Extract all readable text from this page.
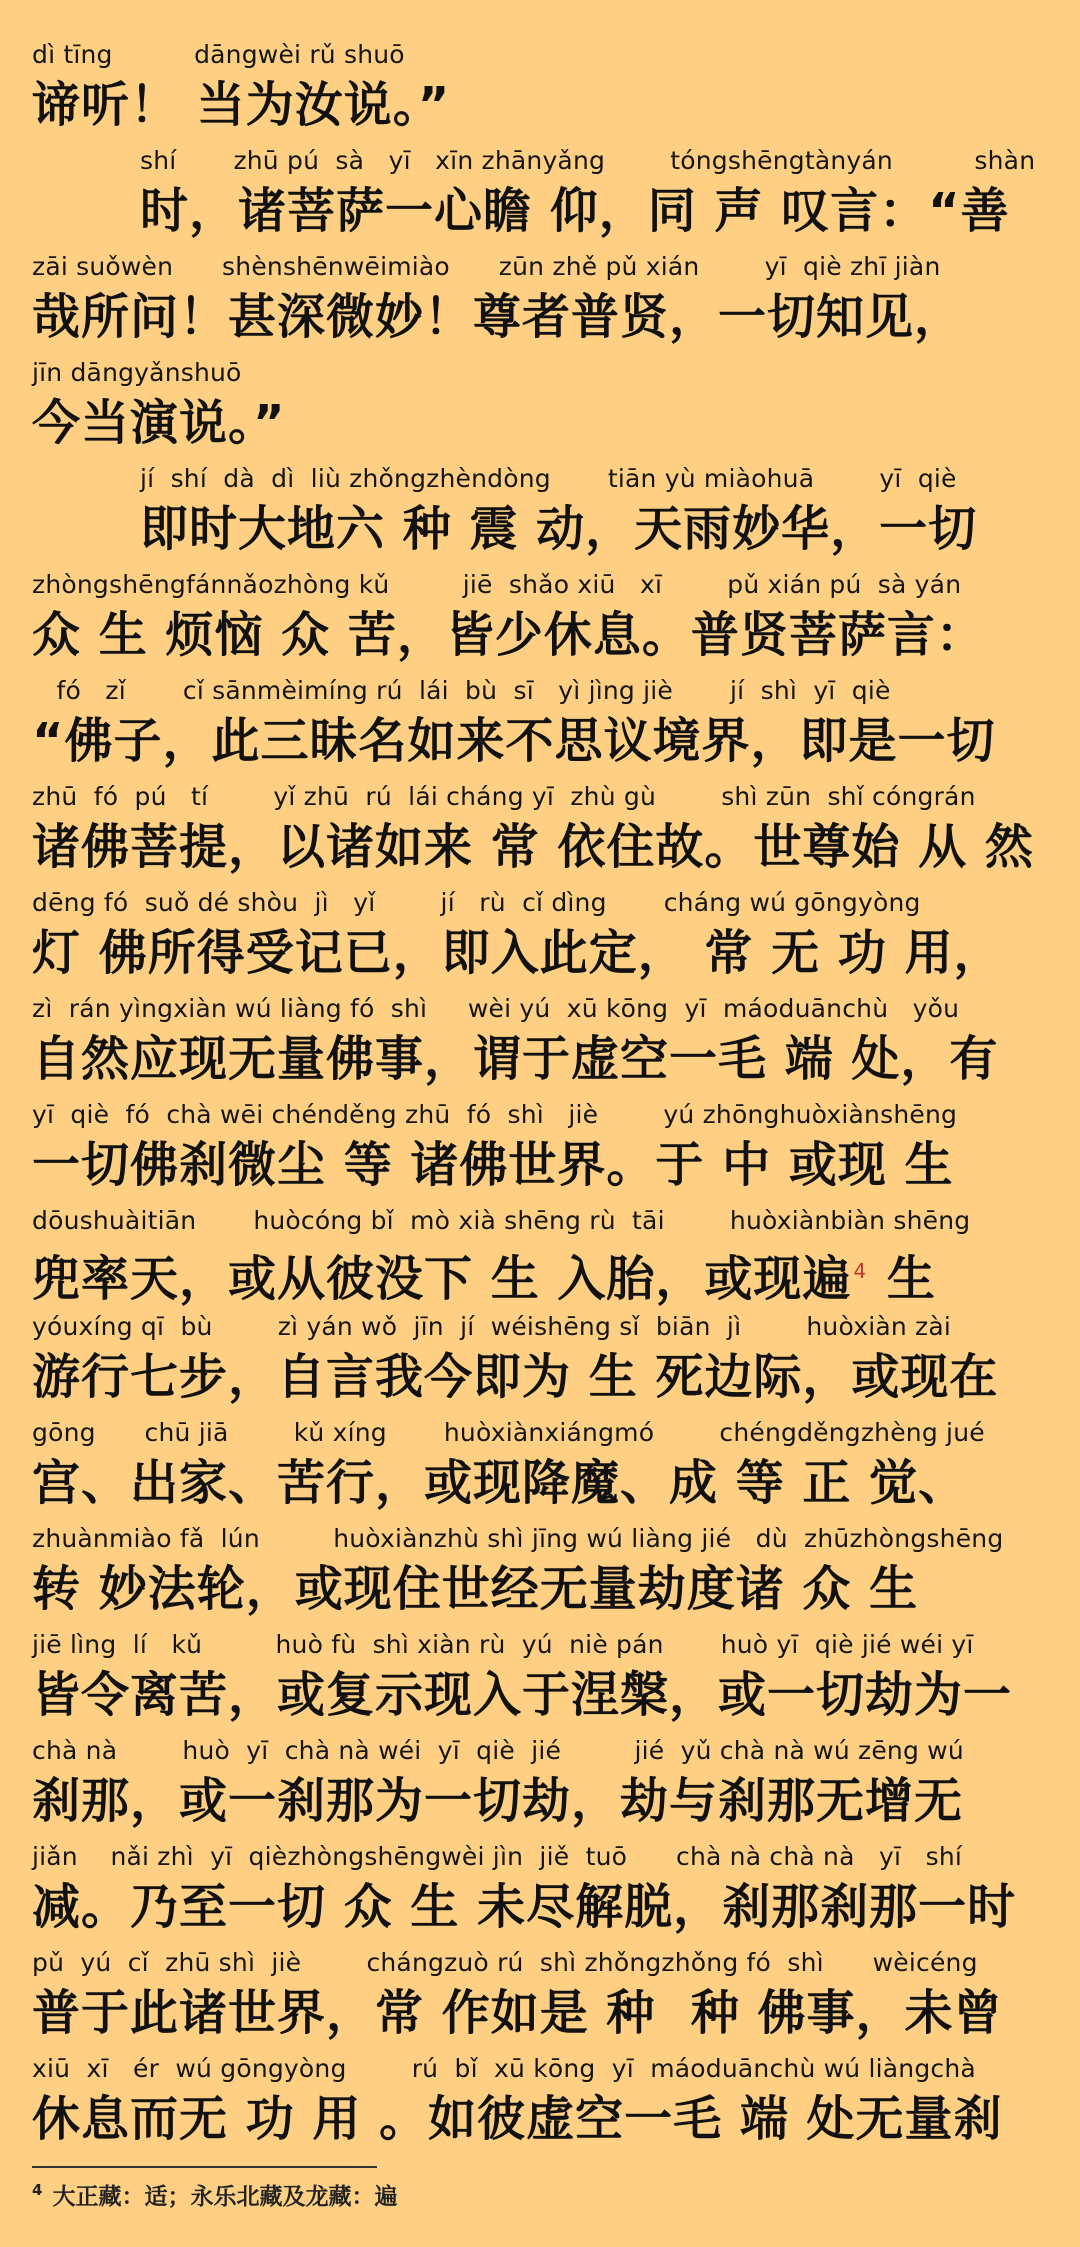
dì tīng          dāngwèi rǔ shuō
谛听！ 当为汝说。”
shí       zhū pú  sà   yī   xīn zhānyǎng        tóngshēngtànyán          shàn
时，诸菩萨一心瞻 仰，同 声 叹言：“善
zāi suǒwèn      shènshēnwēimiào      zūn zhě pǔ xián        yī  qiè zhī jiàn
哉所问！甚深微妙！尊者普贤，一切知见，
jīn dāngyǎnshuō
今当演说。”
jí  shí  dà  dì  liù zhǒngzhèndòng       tiān yù miàohuā        yī  qiè
即时大地六 种 震 动，天雨妙华，一切
zhòngshēngfánnǎozhòng kǔ         jiē  shǎo xiū   xī        pǔ xián pú  sà yán
众 生 烦恼 众 苦，皆少休息。普贤菩萨言：
fó   zǐ       cǐ sānmèimíng rú  lái  bù  sī   yì jìng jiè       jí  shì  yī  qiè
“佛子，此三昧名如来不思议境界，即是一切
zhū  fó  pú   tí        yǐ zhū  rú  lái cháng yī  zhù gù        shì zūn  shǐ cóngrán
诸佛菩提，以诸如来 常 依住故。世尊始 从 然
dēng fó  suǒ dé shòu  jì   yǐ        jí   rù  cǐ dìng       cháng wú gōngyòng
灯 佛所得受记已，即入此定， 常 无 功 用，
zì  rán yìngxiàn wú liàng fó  shì     wèi yú  xū kōng  yī  máoduānchù   yǒu
自然应现无量佛事，谓于虚空一毛 端 处，有
yī  qiè  fó  chà wēi chénděng zhū  fó  shì   jiè        yú zhōnghuòxiànshēng
一切佛刹微尘 等 诸佛世界。于 中 或现 生
dōushuàitiān       huòcóng bǐ  mò xià shēng rù  tāi        huòxiànbiàn shēng
兜率天，或从彼没下 生 入胎，或现遍 $^4$ 生
yóuxíng qī  bù        zì yán wǒ  jīn  jí  wéishēng sǐ  biān  jì        huòxiàn zài
游行七步，自言我今即为 生 死边际，或现在
gōng      chū jiā        kǔ xíng       huòxiànxiángmó        chéngděngzhèng jué
宫、出家、苦行，或现降魔、成 等 正 觉、
zhuànmiào fǎ  lún         huòxiànzhù shì jīng wú liàng jié   dù  zhūzhòngshēng
转 妙法轮，或现住世经无量劫度诸 众 生
jiē lìng  lí   kǔ         huò fù  shì xiàn rù  yú  niè pán       huò yī  qiè jié wéi yī
皆令离苦，或复示现入于涅槃，或一切劫为一
chà nà        huò  yī  chà nà wéi  yī  qiè  jié         jié  yǔ chà nà wú zēng wú
刹那，或一刹那为一切劫，劫与刹那无增无
jiǎn    nǎi zhì  yī  qièzhòngshēngwèi jìn  jiě  tuō      chà nà chà nà   yī   shí
减。乃至一切 众 生 未尽解脱，刹那刹那一时
pǔ  yú  cǐ  zhū shì  jiè        chángzuò rú  shì zhǒngzhǒng fó  shì      wèicéng
普于此诸世界，常 作如是 种  种 佛事，未曾
xiū  xī   ér  wú gōngyòng        rú  bǐ  xū kōng  yī  máoduānchù wú liàngchà
休息而无 功 用 。如彼虚空一毛 端 处无量刹
$^4$ 大正藏：适；永乐北藏及龙藏：遍
